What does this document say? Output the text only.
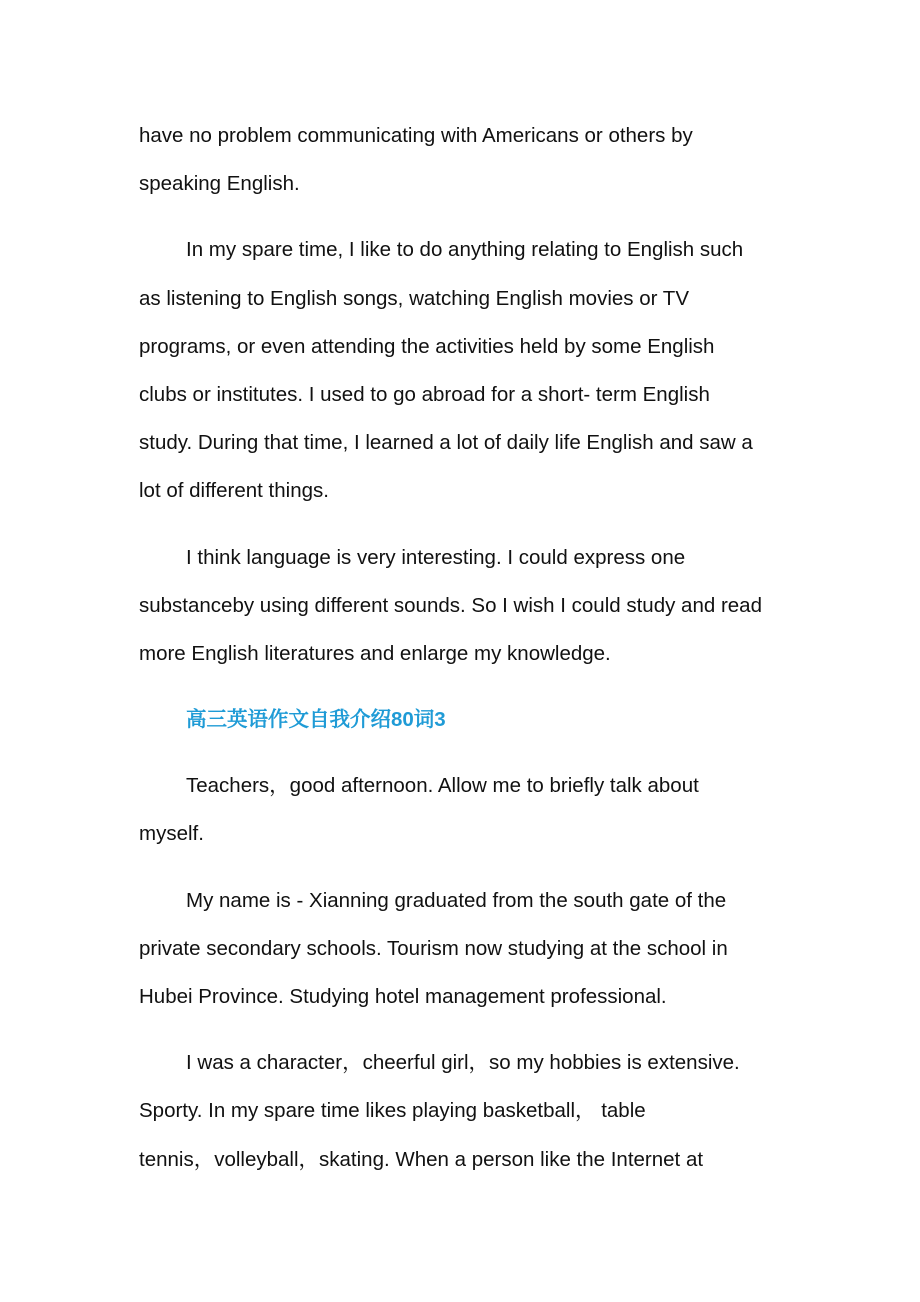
have no problem communicating with Americans or others by
speaking English.
In my spare time, I like to do anything relating to English such
as listening to English songs, watching English movies or TV
programs, or even attending the activities held by some English
clubs or institutes. I used to go abroad for a short- term English
study. During that time, I learned a lot of daily life English and saw a
lot of different things.
I think language is very interesting. I could express one
substanceby using different sounds. So I wish I could study and read
more English literatures and enlarge my knowledge.
高三英语作文自我介绍80词3
Teachers，good afternoon. Allow me to briefly talk about
myself.
My name is - Xianning graduated from the south gate of the
private secondary schools. Tourism now studying at the school in
Hubei Province. Studying hotel management professional.
I was a character，cheerful girl，so my hobbies is extensive.
Sporty. In my spare time likes playing basketball， table
tennis，volleyball，skating. When a person like the Internet at
